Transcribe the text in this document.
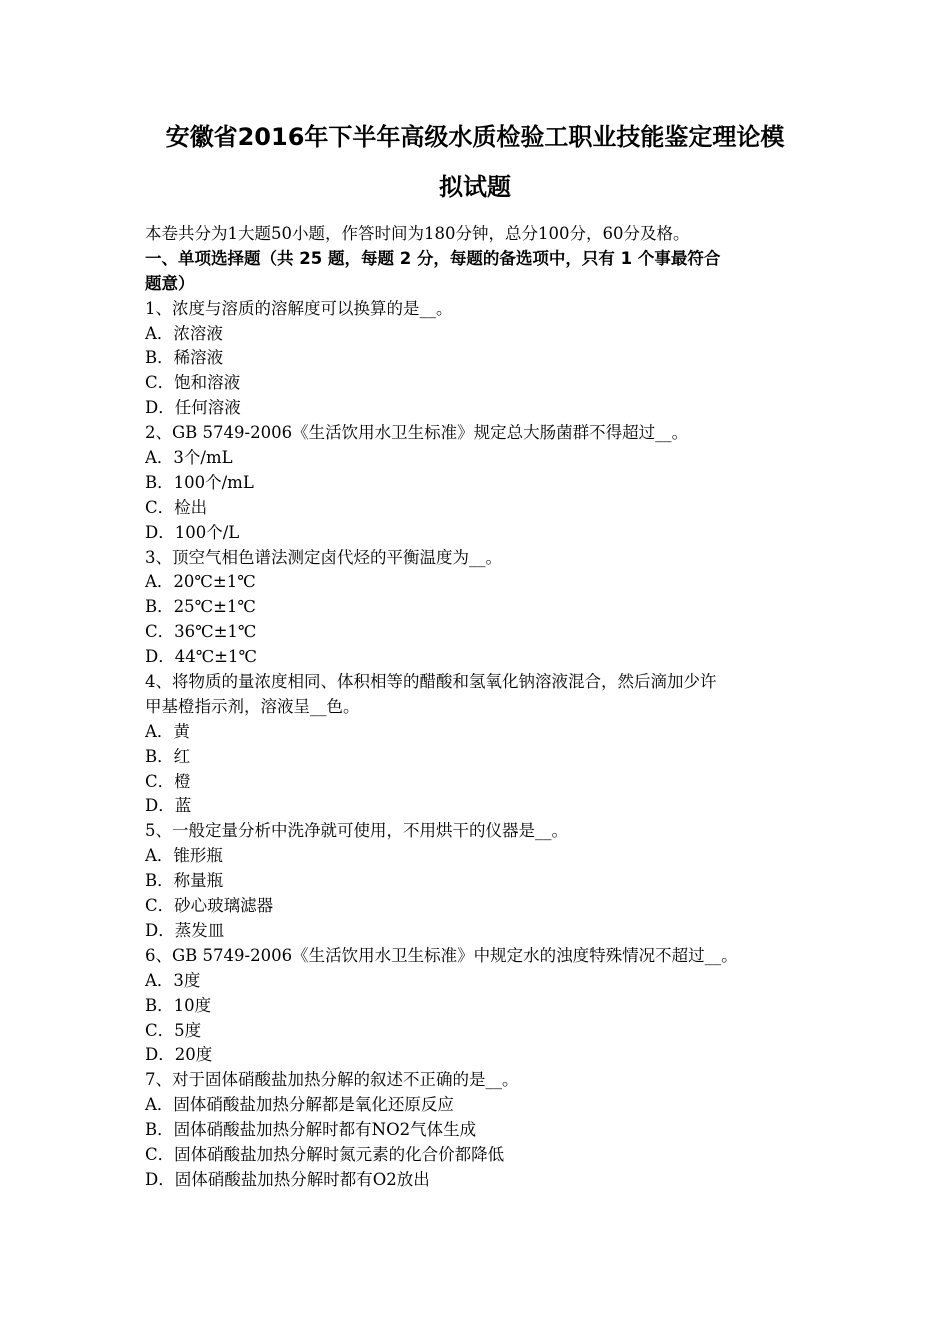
安徽省2016年下半年高级水质检验工职业技能鉴定理论模
拟试题
本卷共分为1大题50小题，作答时间为180分钟，总分100分，60分及格。
一、单项选择题（共 25 题，每题 2 分，每题的备选项中，只有 1 个事最符合
题意）
1、浓度与溶质的溶解度可以换算的是__。
A．浓溶液
B．稀溶液
C．饱和溶液
D．任何溶液
2、GB 5749-2006《生活饮用水卫生标准》规定总大肠菌群不得超过__。
A．3个/mL
B．100个/mL
C．检出
D．100个/L
3、顶空气相色谱法测定卤代烃的平衡温度为__。
A．20℃±1℃
B．25℃±1℃
C．36℃±1℃
D．44℃±1℃
4、将物质的量浓度相同、体积相等的醋酸和氢氧化钠溶液混合，然后滴加少许
甲基橙指示剂，溶液呈__色。
A．黄
B．红
C．橙
D．蓝
5、一般定量分析中洗净就可使用，不用烘干的仪器是__。
A．锥形瓶
B．称量瓶
C．砂心玻璃滤器
D．蒸发皿
6、GB 5749-2006《生活饮用水卫生标准》中规定水的浊度特殊情况不超过__。
A．3度
B．10度
C．5度
D．20度
7、对于固体硝酸盐加热分解的叙述不正确的是__。
A．固体硝酸盐加热分解都是氧化还原反应
B．固体硝酸盐加热分解时都有NO2气体生成
C．固体硝酸盐加热分解时氮元素的化合价都降低
D．固体硝酸盐加热分解时都有O2放出
